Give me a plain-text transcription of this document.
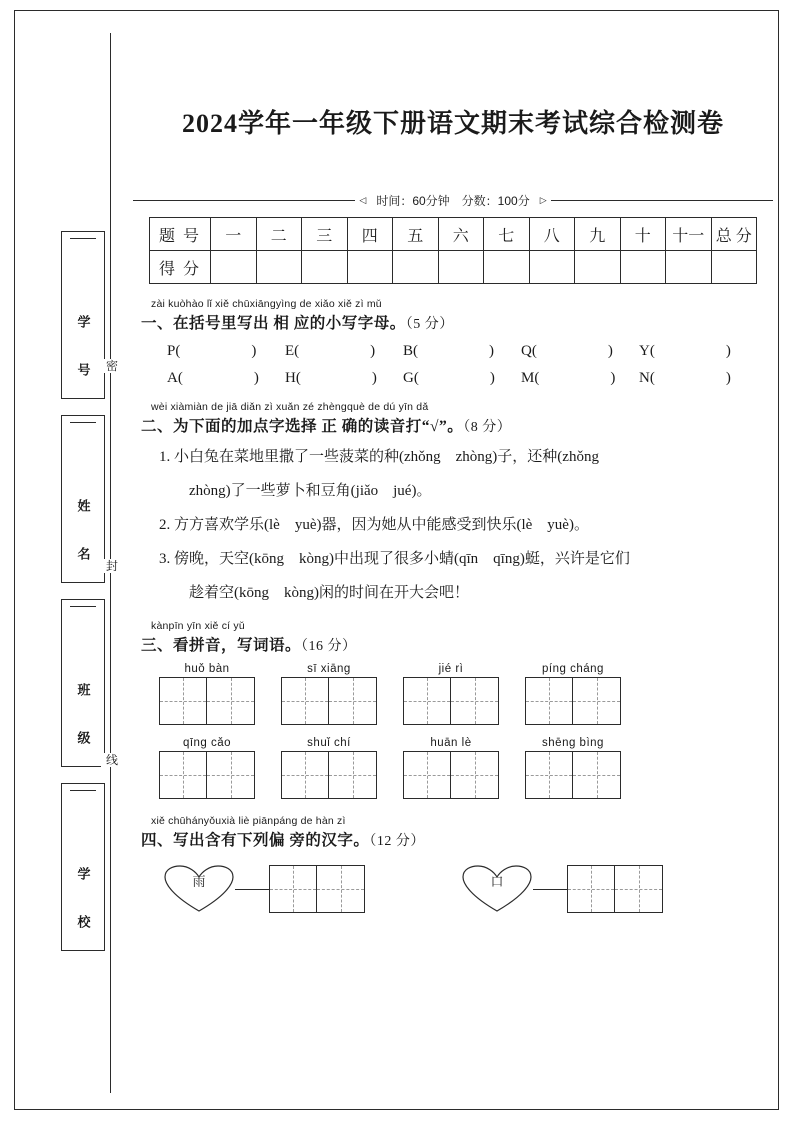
学 号
姓 名
班 级
学 校
密
封
线
2024学年一年级下册语文期末考试综合检测卷
◁ 时间：60分钟	分数：100分	▷
题 号	一	二	三	四	五	六	七	八	九	十	十一	总 分
得 分												
zài kuòhào lǐ xiě chūxiāngyìng de xiǎo xiě zì mǔ
一、在括号里写出 相 应的小写字母。（5 分）
P(	)	E(	)	B(	)	Q(	)	Y(	)
A(	)	H(	)	G(	)	M(	)	N(	)
wèi xiàmiàn de jiā diǎn zì xuǎn zé zhèngquè de dú yīn dǎ
二、为下面的加点字选择 正 确的读音打“√”。（8 分）
1. 小白兔在菜地里撒了一些菠菜的种(zhǒng　zhòng)子，还种(zhǒng
zhòng)了一些萝卜和豆角(jiǎo　jué)。
2. 方方喜欢学乐(lè　yuè)器，因为她从中能感受到快乐(lè　yuè)。
3. 傍晚，天空(kōng　kòng)中出现了很多小蜻(qīn　qīng)蜓，兴许是它们
趁着空(kōng　kòng)闲的时间在开大会吧！
kànpīn yīn xiě cí yǔ
三、看拼音，写词语。（16 分）
huǒ bàn	sī xiāng	jié rì	píng cháng
qīng cǎo	shuǐ chí	huān lè	shēng bìng
xiě chūhányǒuxià liè piānpáng de hàn zì
四、写出含有下列偏 旁的汉字。（12 分）
雨	口
